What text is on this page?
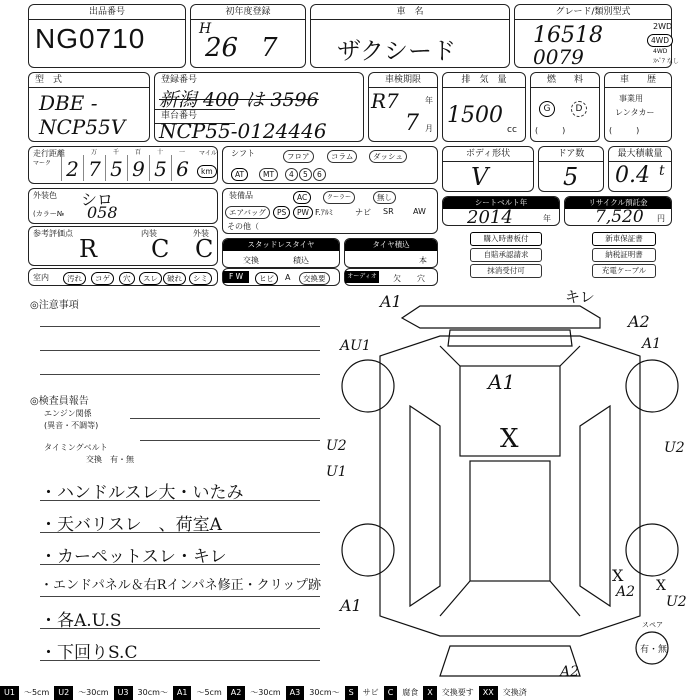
出品番号
NG0710
初年度登録
H
26 7
車　名
ザクシード
グレード/類別型式
16518
0079
2WD
4WD
4WD
ｽﾍﾟｱ なし
型　式
DBE -
NCP55V
登録番号
新潟 400 は 3596
車台番号
NCP55-0124446
車検期限
R7	年
7 月
排　気　量
1500
cc
燃　　料
G	D
(　　　)
車　　歴
事業用
レンタカー
(　　　)
走行距離
マーク 2 7 5 9 5 6
万	千	百	十	一 マイル
km
シフト	フロア	コラム	ダッシュ
AT	MT	4	5	6
ボディ形状
V
ドア数
5
最大積載量
0.4 t
外装色 シロ
(カラー№ 058
装備品	AC	クーラー	無し
エアバッグ	PS	PW F.ｱﾙﾐ	ナビ SR AW
その他（
シートベルト年
2014	年
リサイクル預託金
7,520 円
参考評価点	内装	外装
R C C	スタッドレスタイヤ
交換	積込
タイヤ積込
本
購入時書板付	新車保証書
自賠承認請求	納税証明書
抹消受付可	充電ケーブル
室内	汚れ	コゲ	穴	スレ	破れ	シミ	F W	ヒビ	A	交換要	オーディオ 欠 穴
◎注意事項
◎検査員報告
エンジン関係
(異音・不調等)
タイミングベルト
交換　有・無
・ハンドルスレ大・いたみ
・天バリスレ　、荷室A
・カーペットスレ・キレ
・エンドパネル＆右Rインパネ修正・クリップ跡
・各A.U.S
・下回りS.C
A1	キレ
A2
A1
AU1
A1
X
U2
U1
U2
A1
X
A2 X
U2
A2
スペア
有・無
U1	～5cm	U2	～30cm	U3	30cm～	A1	～5cm	A2	～30cm	A3	30cm～	S	サビ	C	腐食	X	交換要す	XX	交換済
